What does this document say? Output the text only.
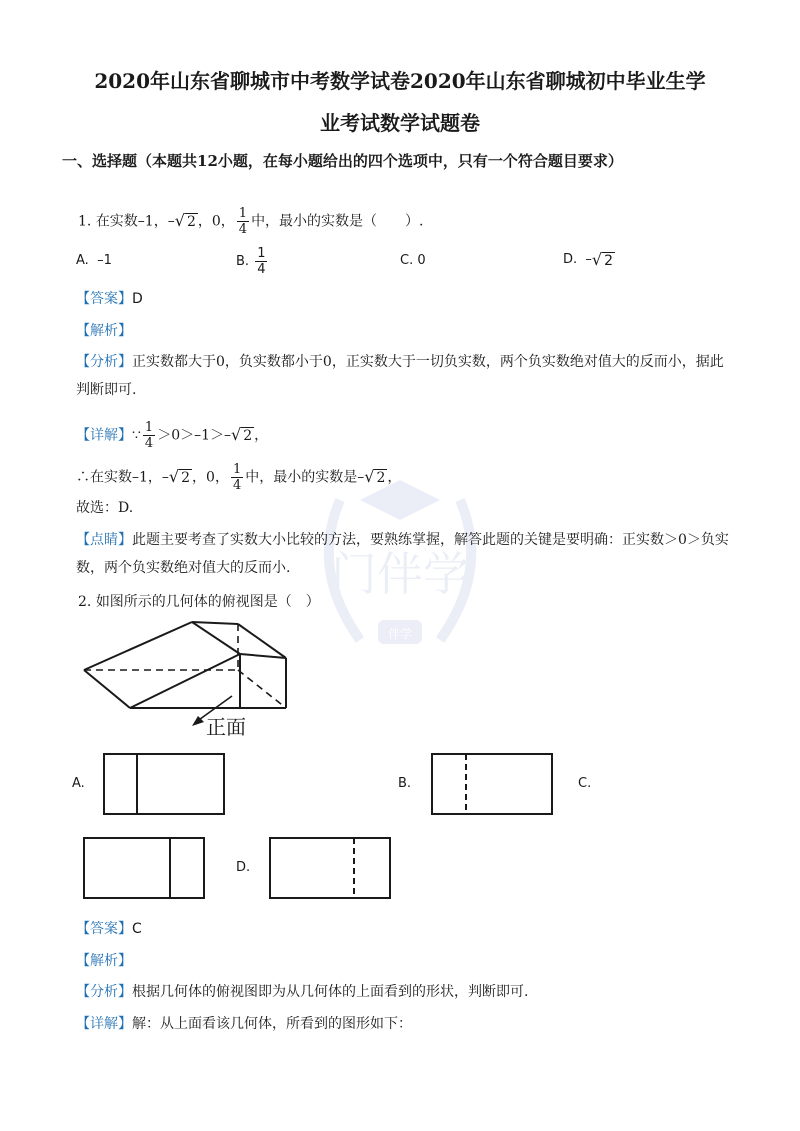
门伴学
伴学
2020年山东省聊城市中考数学试卷2020年山东省聊城初中毕业生学
业考试数学试题卷
一、选择题（本题共12小题，在每小题给出的四个选项中，只有一个符合题目要求）
1. 在实数–1，–√ 2 ，0， $\frac{1}{4}$ 中，最小的实数是（　　）.
A. –1	B. $\frac{1}{4}$	C. 0	D. –√ 2
【答案】D
【解析】
【分析】正实数都大于0，负实数都小于0，正实数大于一切负实数，两个负实数绝对值大的反而小，据此判断即可.
【详解】∵ $\frac{1}{4} >0>-1>-√$ 2 ，
∴在实数–1，–√ 2 ，0， $\frac{1}{4}$ 中，最小的实数是–√ 2 ，
故选：D.
【点睛】此题主要考查了实数大小比较的方法，要熟练掌握，解答此题的关键是要明确：正实数＞0＞负实数，两个负实数绝对值大的反而小.
2. 如图所示的几何体的俯视图是（　）
正面
A.	B.	C.
D.
【答案】C
【解析】
【分析】根据几何体的俯视图即为从几何体的上面看到的形状，判断即可.
【详解】解：从上面看该几何体，所看到的图形如下：
